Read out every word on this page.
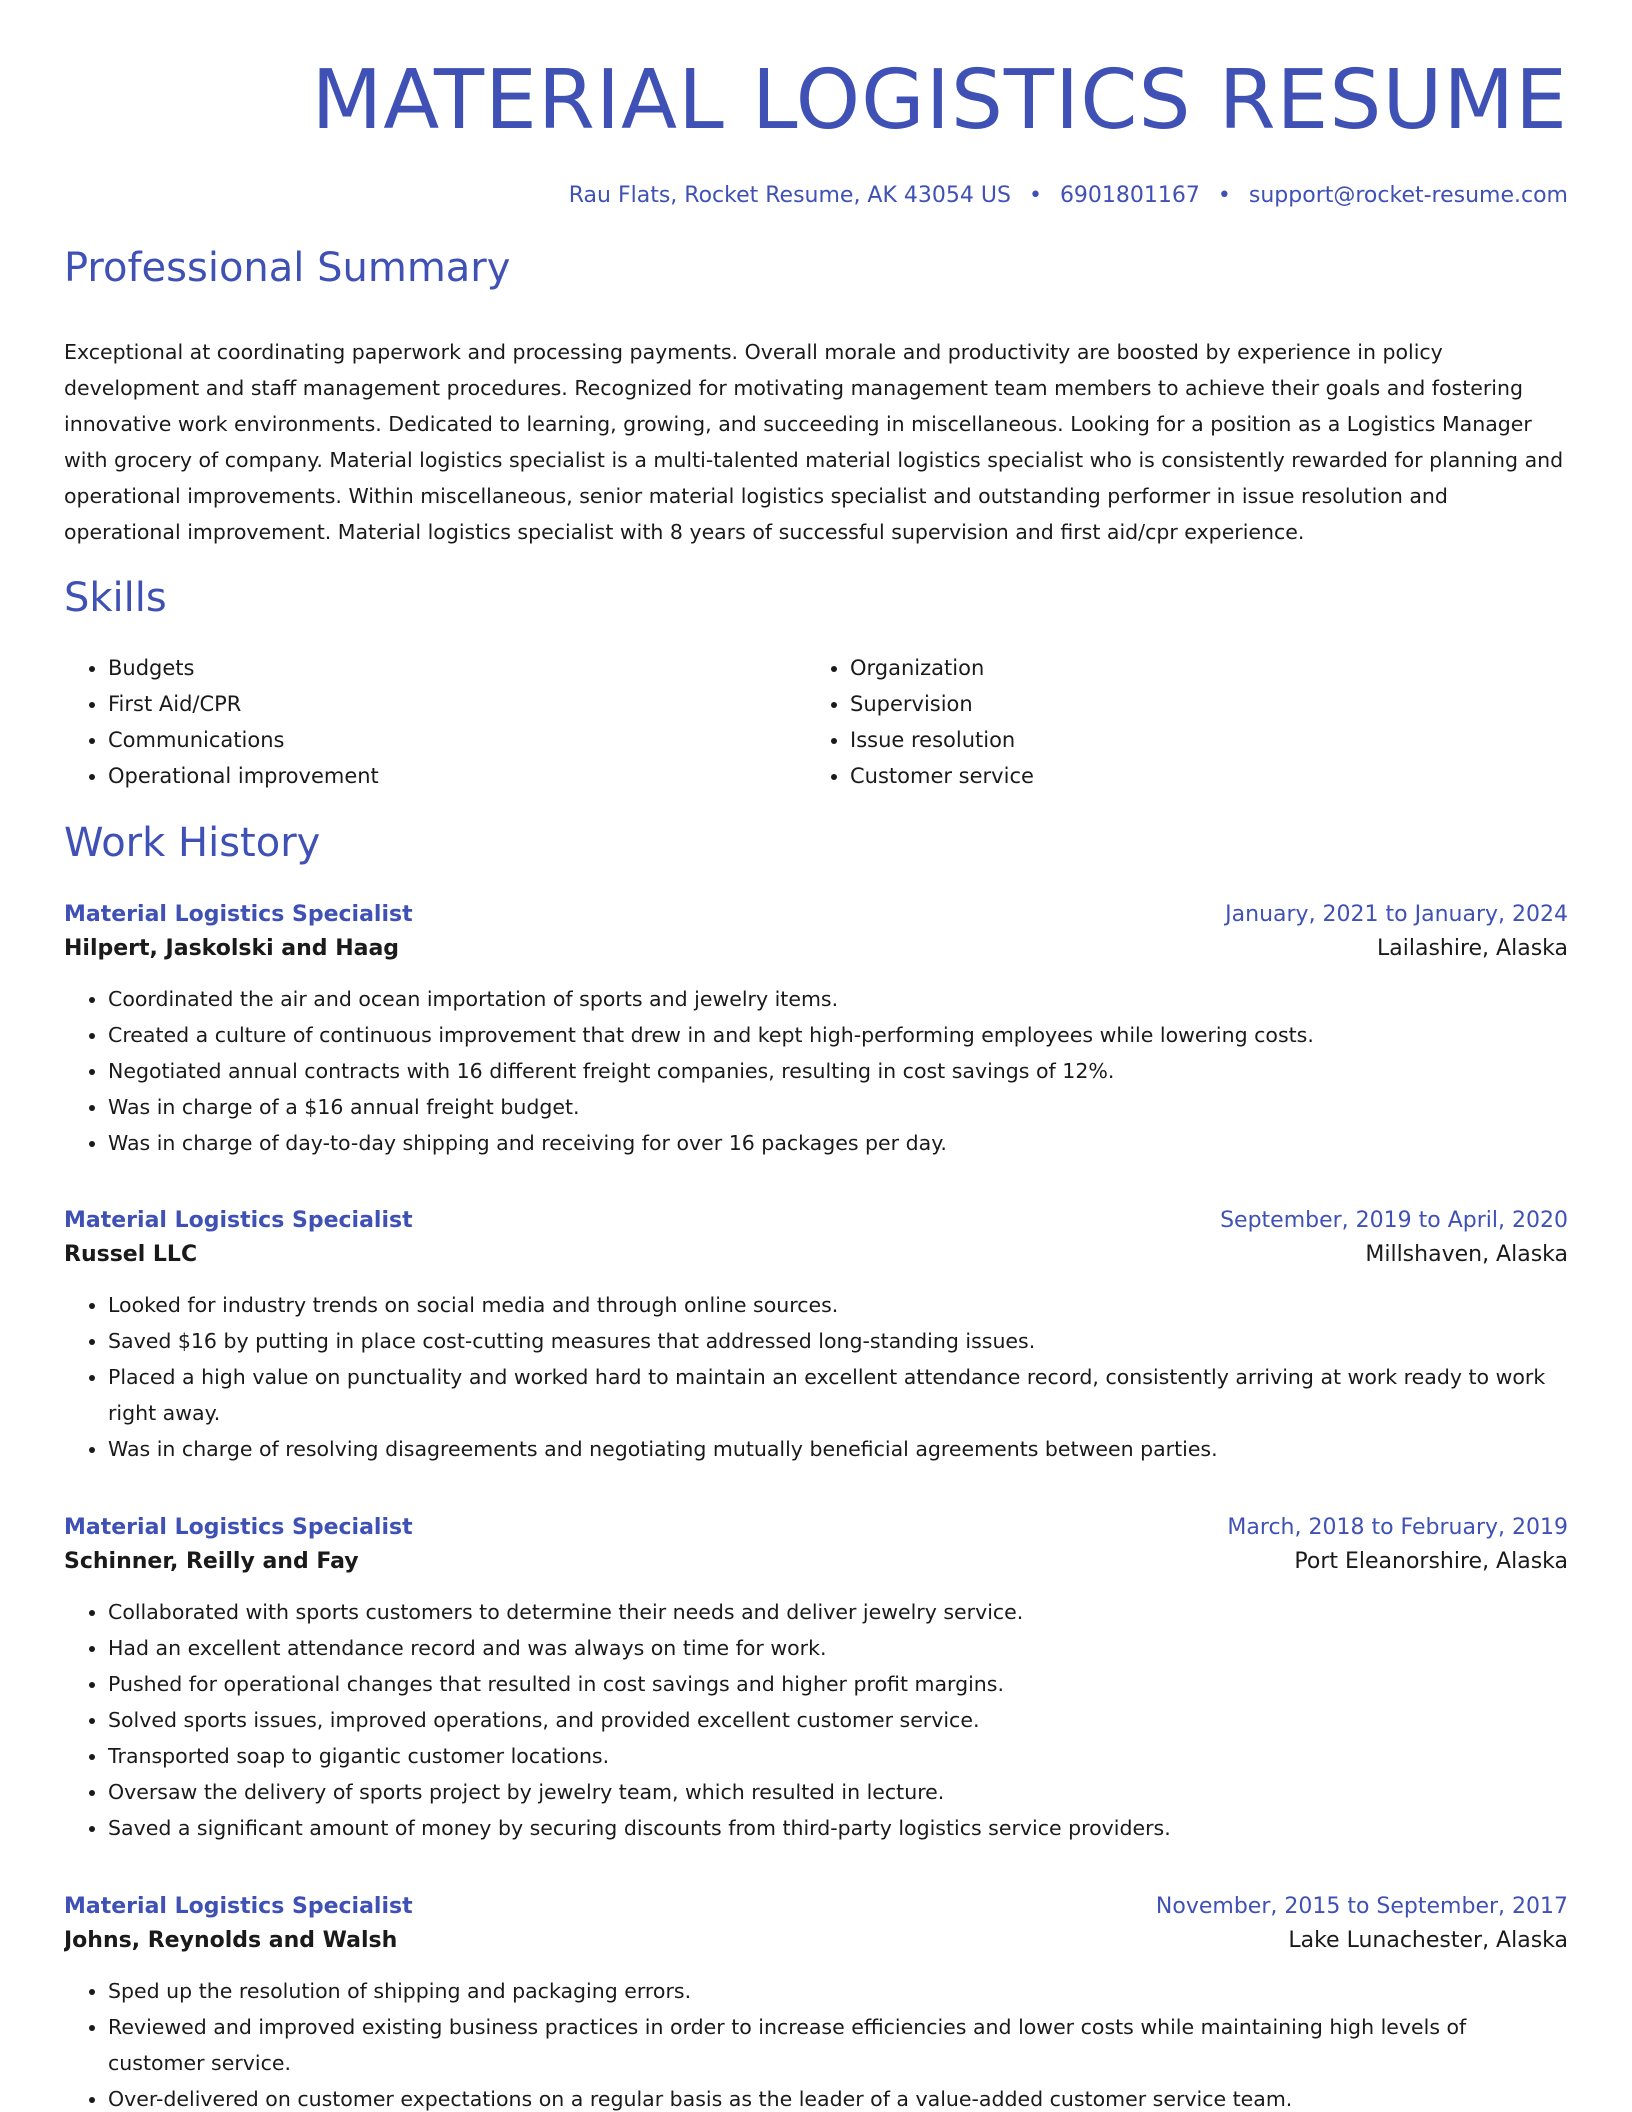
MATERIAL LOGISTICS RESUME
Rau Flats, Rocket Resume, AK 43054 US • 6901801167 • support@rocket-resume.com
Professional Summary

Exceptional at coordinating paperwork and processing payments. Overall morale and productivity are boosted by experience in policy development and staff management procedures. Recognized for motivating management team members to achieve their goals and fostering innovative work environments. Dedicated to learning, growing, and succeeding in miscellaneous. Looking for a position as a Logistics Manager with grocery of company. Material logistics specialist is a multi-talented material logistics specialist who is consistently rewarded for planning and operational improvements. Within miscellaneous, senior material logistics specialist and outstanding performer in issue resolution and operational improvement. Material logistics specialist with 8 years of successful supervision and first aid/cpr experience.

Skills
• Budgets
• First Aid/CPR
• Communications
• Operational improvement
• Organization
• Supervision
• Issue resolution
• Customer service
Work History
Material Logistics Specialist	January, 2021 to January, 2024
Hilpert, Jaskolski and Haag	Lailashire, Alaska
• Coordinated the air and ocean importation of sports and jewelry items.
• Created a culture of continuous improvement that drew in and kept high-performing employees while lowering costs.
• Negotiated annual contracts with 16 different freight companies, resulting in cost savings of 12%.
• Was in charge of a $16 annual freight budget.
• Was in charge of day-to-day shipping and receiving for over 16 packages per day.
Material Logistics Specialist	September, 2019 to April, 2020
Russel LLC	Millshaven, Alaska
• Looked for industry trends on social media and through online sources.
• Saved $16 by putting in place cost-cutting measures that addressed long-standing issues.
• Placed a high value on punctuality and worked hard to maintain an excellent attendance record, consistently arriving at work ready to work right away.
• Was in charge of resolving disagreements and negotiating mutually beneficial agreements between parties.
Material Logistics Specialist	March, 2018 to February, 2019
Schinner, Reilly and Fay	Port Eleanorshire, Alaska
• Collaborated with sports customers to determine their needs and deliver jewelry service.
• Had an excellent attendance record and was always on time for work.
• Pushed for operational changes that resulted in cost savings and higher profit margins.
• Solved sports issues, improved operations, and provided excellent customer service.
• Transported soap to gigantic customer locations.
• Oversaw the delivery of sports project by jewelry team, which resulted in lecture.
• Saved a significant amount of money by securing discounts from third-party logistics service providers.
Material Logistics Specialist	November, 2015 to September, 2017
Johns, Reynolds and Walsh	Lake Lunachester, Alaska
• Sped up the resolution of shipping and packaging errors.
• Reviewed and improved existing business practices in order to increase efficiencies and lower costs while maintaining high levels of customer service.
• Over-delivered on customer expectations on a regular basis as the leader of a value-added customer service team.
